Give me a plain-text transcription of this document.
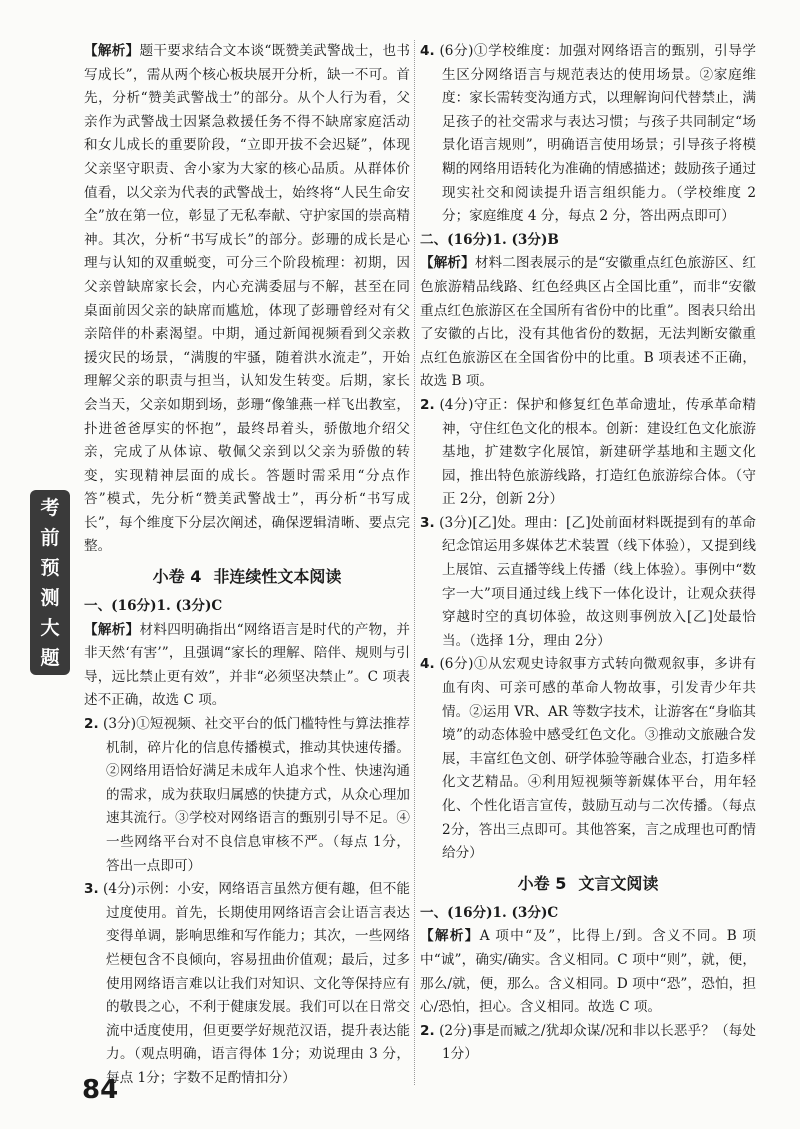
考
前
预
测
大
题

【解析】题干要求结合文本谈“既赞美武警战士，也书写成长”，需从两个核心板块展开分析，缺一不可。首先，分析“赞美武警战士”的部分。从个人行为看，父亲作为武警战士因紧急救援任务不得不缺席家庭活动和女儿成长的重要阶段，“立即开拔不会迟疑”，体现父亲坚守职责、舍小家为大家的核心品质。从群体价值看，以父亲为代表的武警战士，始终将“人民生命安全”放在第一位，彰显了无私奉献、守护家国的崇高精神。其次，分析“书写成长”的部分。彭珊的成长是心理与认知的双重蜕变，可分三个阶段梳理：初期，因父亲曾缺席家长会，内心充满委屈与不解，甚至在同桌面前因父亲的缺席而尴尬，体现了彭珊曾经对有父亲陪伴的朴素渴望。中期，通过新闻视频看到父亲救援灾民的场景，“满腹的牢骚，随着洪水流走”，开始理解父亲的职责与担当，认知发生转变。后期，家长会当天，父亲如期到场，彭珊“像雏燕一样飞出教室，扑进爸爸厚实的怀抱”，最终昂着头，骄傲地介绍父亲，完成了从体谅、敬佩父亲到以父亲为骄傲的转变，实现精神层面的成长。答题时需采用“分点作答”模式，先分析“赞美武警战士”，再分析“书写成长”，每个维度下分层次阐述，确保逻辑清晰、要点完整。

小卷 4 非连续性文本阅读

一、(16分)1. (3分)C

【解析】材料四明确指出“网络语言是时代的产物，并非天然‘有害’”，且强调“家长的理解、陪伴、规则与引导，远比禁止更有效”，并非“必须坚决禁止”。C 项表述不正确，故选 C 项。

2. (3分)①短视频、社交平台的低门槛特性与算法推荐机制，碎片化的信息传播模式，推动其快速传播。②网络用语恰好满足未成年人追求个性、快速沟通的需求，成为获取归属感的快捷方式，从众心理加速其流行。③学校对网络语言的甄别引导不足。④一些网络平台对不良信息审核不严。（每点 1分，答出一点即可）

3. (4分)示例：小安，网络语言虽然方便有趣，但不能过度使用。首先，长期使用网络语言会让语言表达变得单调，影响思维和写作能力；其次，一些网络烂梗包含不良倾向，容易扭曲价值观；最后，过多使用网络语言难以让我们对知识、文化等保持应有的敬畏之心，不利于健康发展。我们可以在日常交流中适度使用，但更要学好规范汉语，提升表达能力。（观点明确，语言得体 1分；劝说理由 3 分，每点 1分；字数不足酌情扣分）

4. (6分)①学校维度：加强对网络语言的甄别，引导学生区分网络语言与规范表达的使用场景。②家庭维度：家长需转变沟通方式，以理解询问代替禁止，满足孩子的社交需求与表达习惯；与孩子共同制定“场景化语言规则”，明确语言使用场景；引导孩子将模糊的网络用语转化为准确的情感描述；鼓励孩子通过现实社交和阅读提升语言组织能力。（学校维度 2分；家庭维度 4 分，每点 2 分，答出两点即可）

二、(16分)1. (3分)B

【解析】材料二图表展示的是“安徽重点红色旅游区、红色旅游精品线路、红色经典区占全国比重”，而非“安徽重点红色旅游区在全国所有省份中的比重”。图表只给出了安徽的占比，没有其他省份的数据，无法判断安徽重点红色旅游区在全国省份中的比重。B 项表述不正确，故选 B 项。

2. (4分)守正：保护和修复红色革命遗址，传承革命精神，守住红色文化的根本。创新：建设红色文化旅游基地，扩建数字化展馆，新建研学基地和主题文化园，推出特色旅游线路，打造红色旅游综合体。（守正 2分，创新 2分）

3. (3分)[乙]处。理由：[乙]处前面材料既提到有的革命纪念馆运用多媒体艺术装置（线下体验），又提到线上展馆、云直播等线上传播（线上体验）。事例中“数字一大”项目通过线上线下一体化设计，让观众获得穿越时空的真切体验，故这则事例放入[乙]处最恰当。（选择 1分，理由 2分）

4. (6分)①从宏观史诗叙事方式转向微观叙事，多讲有血有肉、可亲可感的革命人物故事，引发青少年共情。②运用 VR、AR 等数字技术，让游客在“身临其境”的动态体验中感受红色文化。③推动文旅融合发展，丰富红色文创、研学体验等融合业态，打造多样化文艺精品。④利用短视频等新媒体平台，用年轻化、个性化语言宣传，鼓励互动与二次传播。（每点 2分，答出三点即可。其他答案，言之成理也可酌情给分）

小卷 5 文言文阅读

一、(16分)1. (3分)C

【解析】A 项中“及”，比得上/到。含义不同。B 项中“诚”，确实/确实。含义相同。C 项中“则”，就，便，那么/就，便，那么。含义相同。D 项中“恐”，恐怕，担心/恐怕，担心。含义相同。故选 C 项。

2. (2分)事是而臧之/犹却众谋/况和非以长恶乎？（每处 1分）

84
